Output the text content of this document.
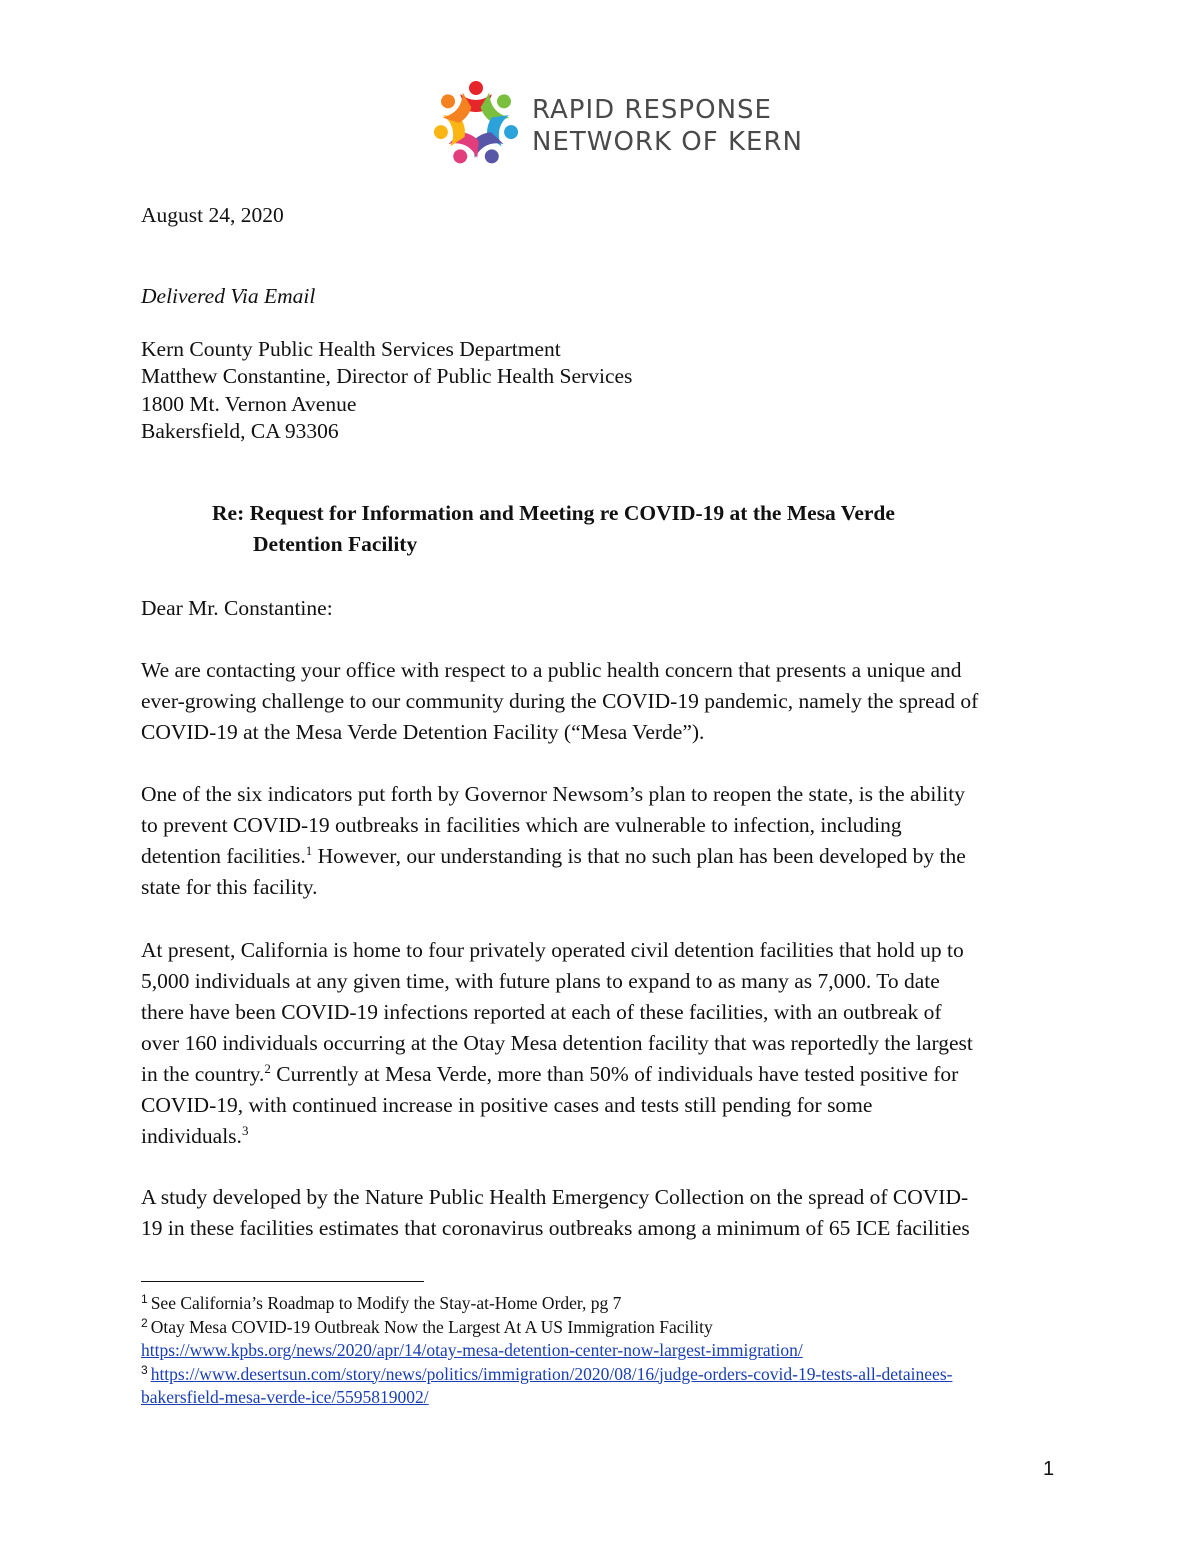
RAPID RESPONSE
NETWORK OF KERN
August 24, 2020
Delivered Via Email
Kern County Public Health Services Department
Matthew Constantine, Director of Public Health Services
1800 Mt. Vernon Avenue
Bakersfield, CA 93306
Re: Request for Information and Meeting re COVID-19 at the Mesa Verde
Detention Facility
Dear Mr. Constantine:
We are contacting your office with respect to a public health concern that presents a unique and
ever-growing challenge to our community during the COVID-19 pandemic, namely the spread of
COVID-19 at the Mesa Verde Detention Facility (“Mesa Verde”).
One of the six indicators put forth by Governor Newsom’s plan to reopen the state, is the ability
to prevent COVID-19 outbreaks in facilities which are vulnerable to infection, including
detention facilities.$^1$ However, our understanding is that no such plan has been developed by the
state for this facility.
At present, California is home to four privately operated civil detention facilities that hold up to
5,000 individuals at any given time, with future plans to expand to as many as 7,000. To date
there have been COVID-19 infections reported at each of these facilities, with an outbreak of
over 160 individuals occurring at the Otay Mesa detention facility that was reportedly the largest
in the country.$^2$ Currently at Mesa Verde, more than 50% of individuals have tested positive for
COVID-19, with continued increase in positive cases and tests still pending for some
individuals.$^3$
A study developed by the Nature Public Health Emergency Collection on the spread of COVID-
19 in these facilities estimates that coronavirus outbreaks among a minimum of 65 ICE facilities
$^1$ See California’s Roadmap to Modify the Stay-at-Home Order, pg 7
$^2$ Otay Mesa COVID-19 Outbreak Now the Largest At A US Immigration Facility
https://www.kpbs.org/news/2020/apr/14/otay-mesa-detention-center-now-largest-immigration/
$^3$ https://www.desertsun.com/story/news/politics/immigration/2020/08/16/judge-orders-covid-19-tests-all-detainees-
bakersfield-mesa-verde-ice/5595819002/
1
